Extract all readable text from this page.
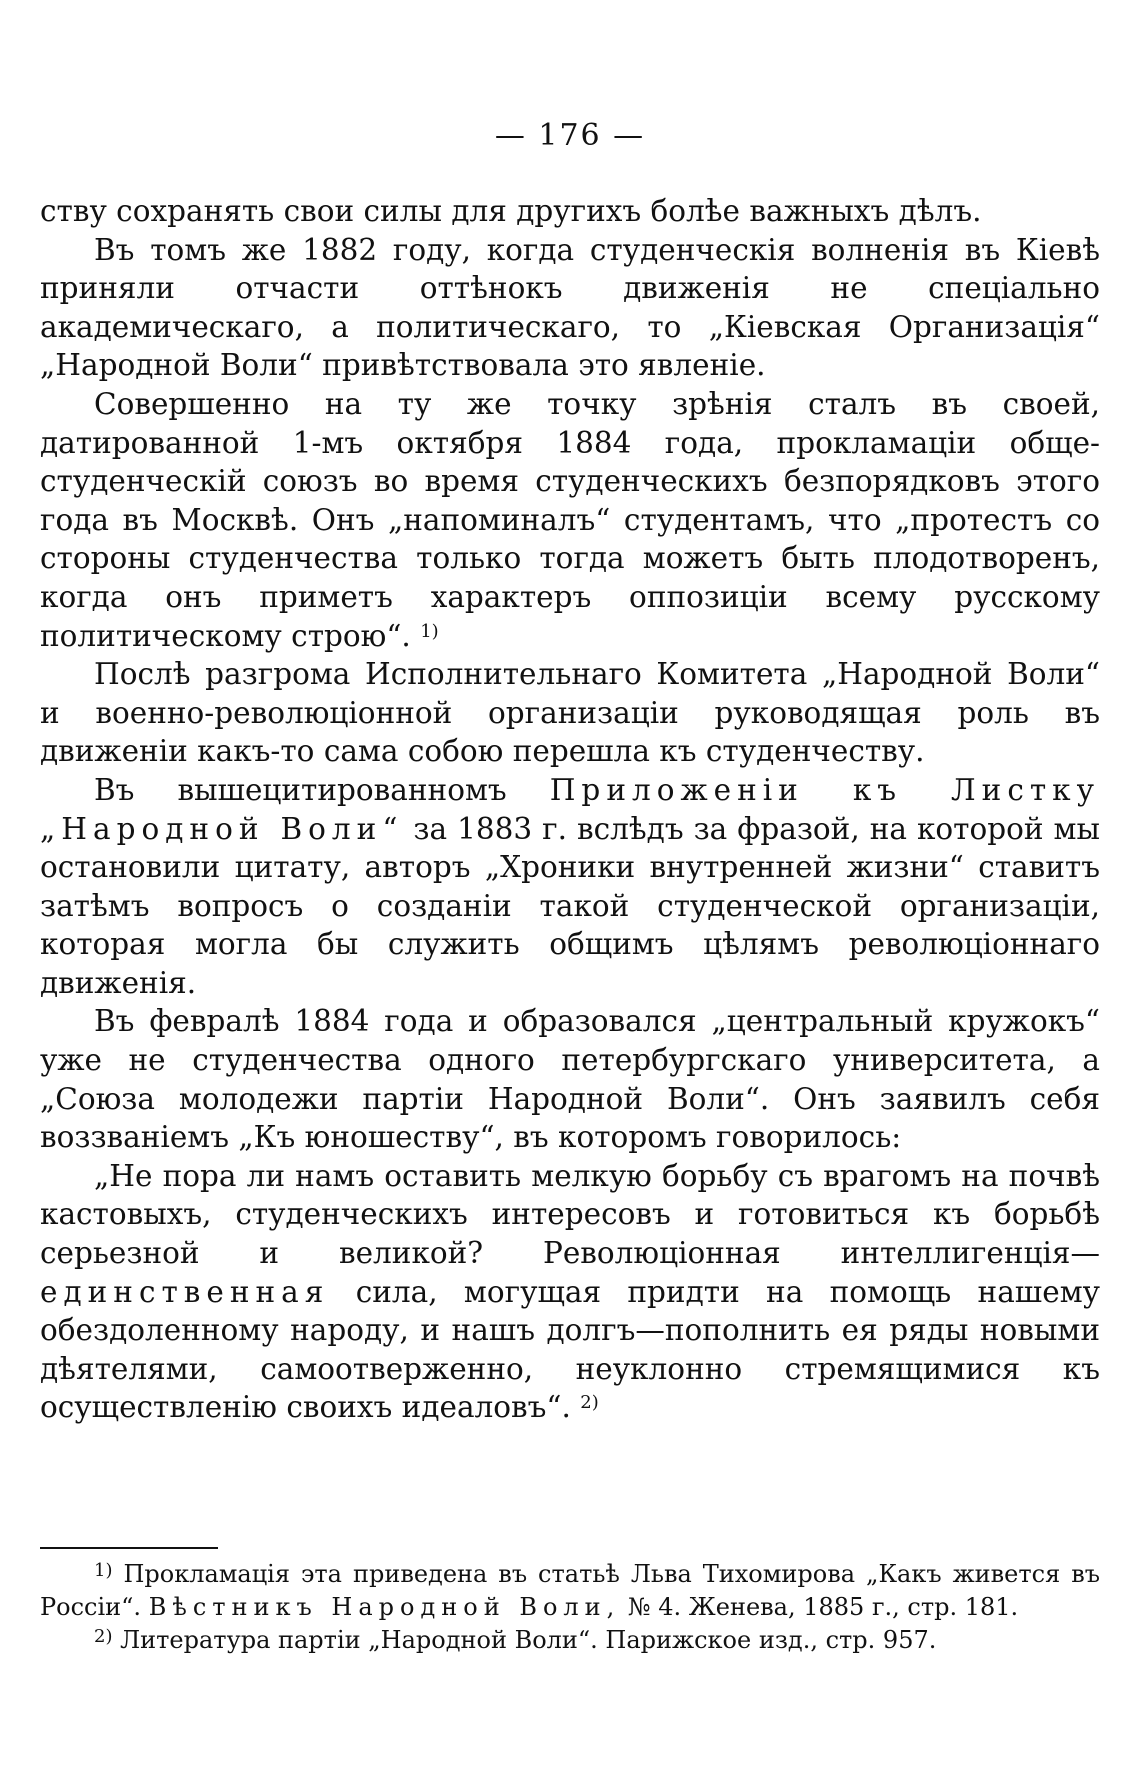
— 176 —

ству сохранять свои силы для другихъ болѣе важныхъ дѣлъ.

Въ томъ же 1882 году, когда студенческія волненія въ Кіевѣ приняли отчасти оттѣнокъ движенія не спеціально академическаго, а политическаго, то „Кіевская Организація“ „Народной Воли“ привѣтствовала это явленіе.

Совершенно на ту же точку зрѣнія сталъ въ своей, датированной 1-мъ октября 1884 года, прокламаціи обще-студенческій союзъ во время студенческихъ безпорядковъ этого года въ Москвѣ. Онъ „напоминалъ“ студентамъ, что „протестъ со стороны студенчества только тогда можетъ быть плодотворенъ, когда онъ приметъ характеръ оппозиціи всему русскому политическому строю“. $^{1)}$

Послѣ разгрома Исполнительнаго Комитета „Народной Воли“ и военно-революціонной организаціи руководящая роль въ движеніи какъ-то сама собою перешла къ студенчеству.

Въ вышецитированномъ Приложеніи къ Листку „Народной Воли“ за 1883 г. вслѣдъ за фразой, на которой мы остановили цитату, авторъ „Хроники внутренней жизни“ ставитъ затѣмъ вопросъ о созданіи такой студенческой организаціи, которая могла бы служить общимъ цѣлямъ революціоннаго движенія.

Въ февралѣ 1884 года и образовался „центральный кружокъ“ уже не студенчества одного петербургскаго университета, а „Союза молодежи партіи Народной Воли“. Онъ заявилъ себя воззваніемъ „Къ юношеству“, въ которомъ говорилось:

„Не пора ли намъ оставить мелкую борьбу съ врагомъ на почвѣ кастовыхъ, студенческихъ интересовъ и готовиться къ борьбѣ серьезной и великой? Революціонная интеллигенція—единственная сила, могущая придти на помощь нашему обездоленному народу, и нашъ долгъ—пополнить ея ряды новыми дѣятелями, самоотверженно, неуклонно стремящимися къ осуществленію своихъ идеаловъ“. $^{2)}$

$^{1)}$ Прокламація эта приведена въ статьѣ Льва Тихомирова „Какъ живется въ Россіи“. Вѣстникъ Народной Воли, № 4. Женева, 1885 г., стр. 181.

$^{2)}$ Литература партіи „Народной Воли“. Парижское изд., стр. 957.
